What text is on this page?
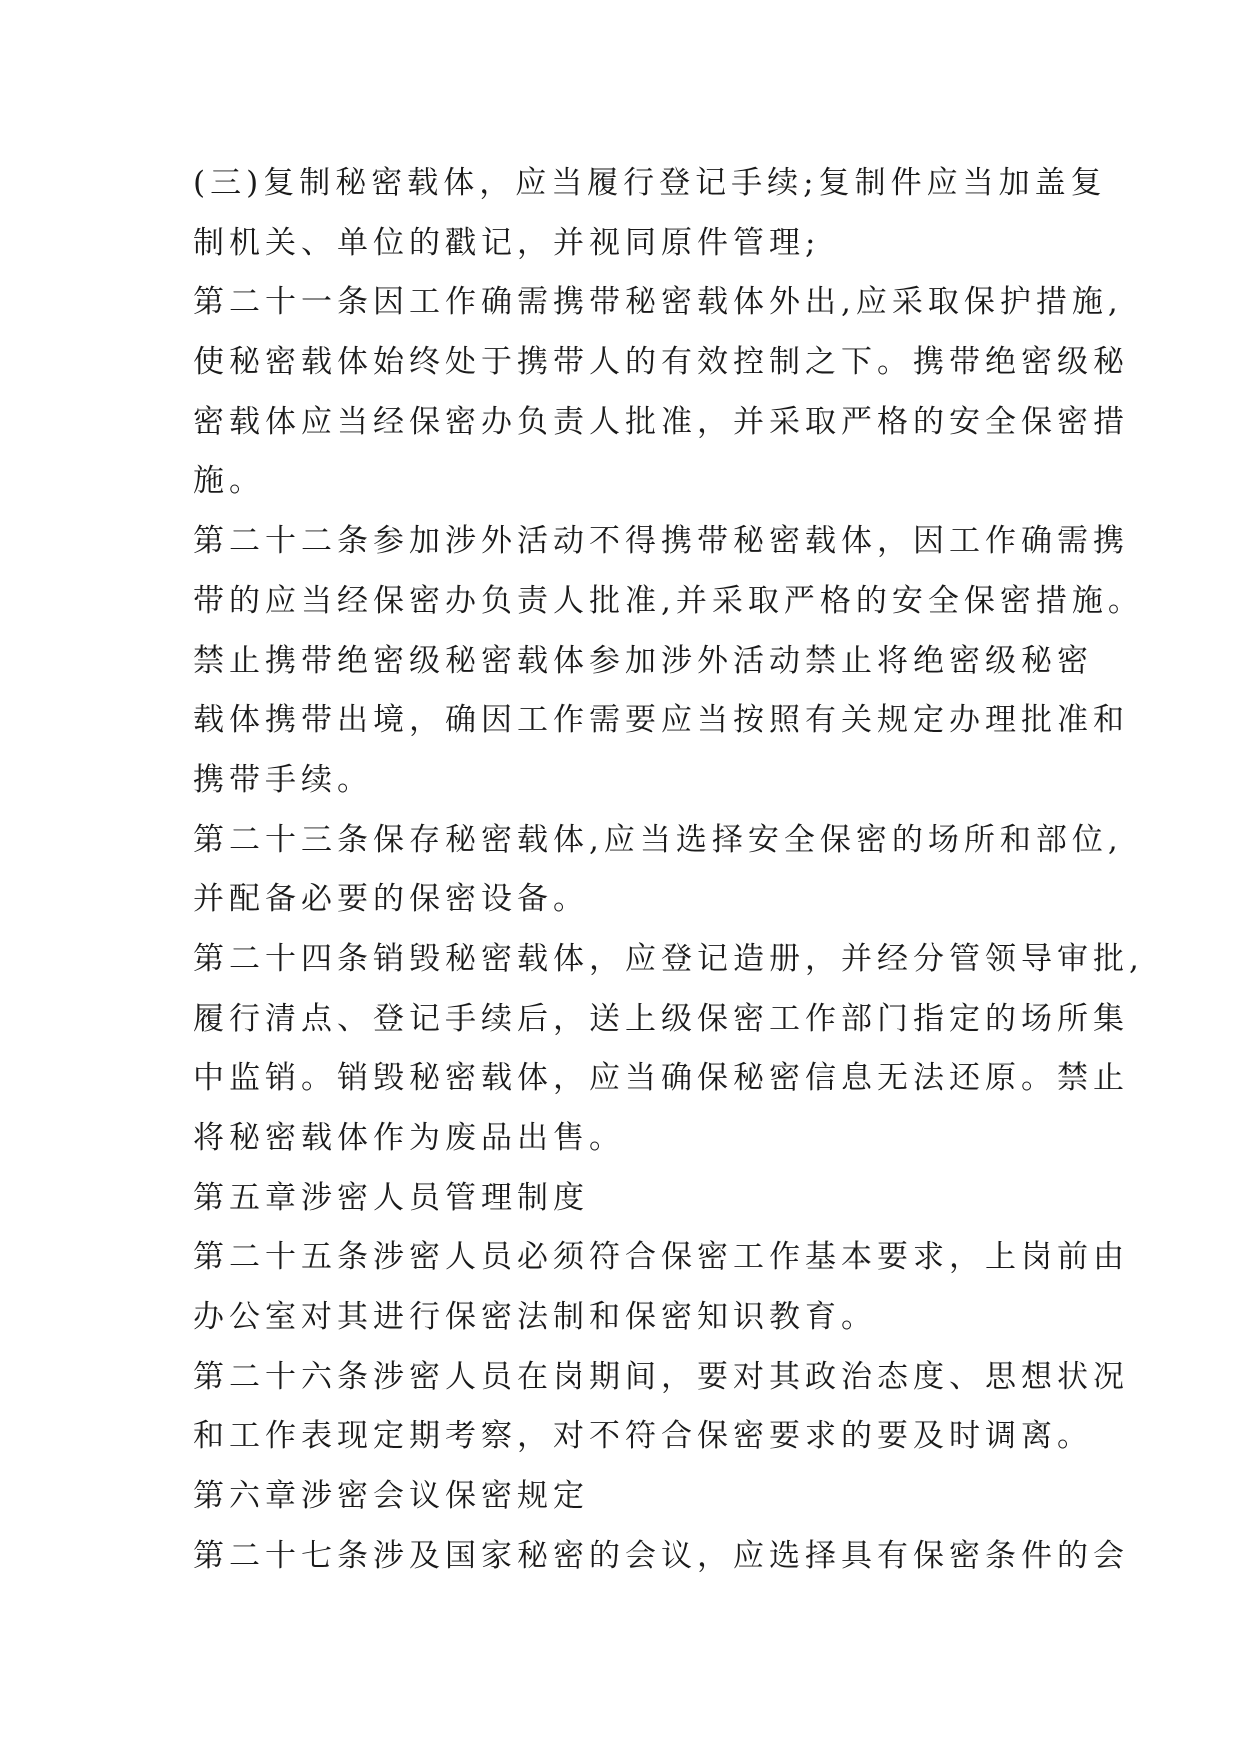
(三)复制秘密载体，应当履行登记手续;复制件应当加盖复
制机关、单位的戳记，并视同原件管理;
第二十一条因工作确需携带秘密载体外出,应采取保护措施,
使秘密载体始终处于携带人的有效控制之下。携带绝密级秘
密载体应当经保密办负责人批准，并采取严格的安全保密措
施。
第二十二条参加涉外活动不得携带秘密载体，因工作确需携
带的应当经保密办负责人批准,并采取严格的安全保密措施。
禁止携带绝密级秘密载体参加涉外活动禁止将绝密级秘密
载体携带出境，确因工作需要应当按照有关规定办理批准和
携带手续。
第二十三条保存秘密载体,应当选择安全保密的场所和部位,
并配备必要的保密设备。
第二十四条销毁秘密载体，应登记造册，并经分管领导审批,
履行清点、登记手续后，送上级保密工作部门指定的场所集
中监销。销毁秘密载体，应当确保秘密信息无法还原。禁止
将秘密载体作为废品出售。
第五章涉密人员管理制度
第二十五条涉密人员必须符合保密工作基本要求，上岗前由
办公室对其进行保密法制和保密知识教育。
第二十六条涉密人员在岗期间，要对其政治态度、思想状况
和工作表现定期考察，对不符合保密要求的要及时调离。
第六章涉密会议保密规定
第二十七条涉及国家秘密的会议，应选择具有保密条件的会
